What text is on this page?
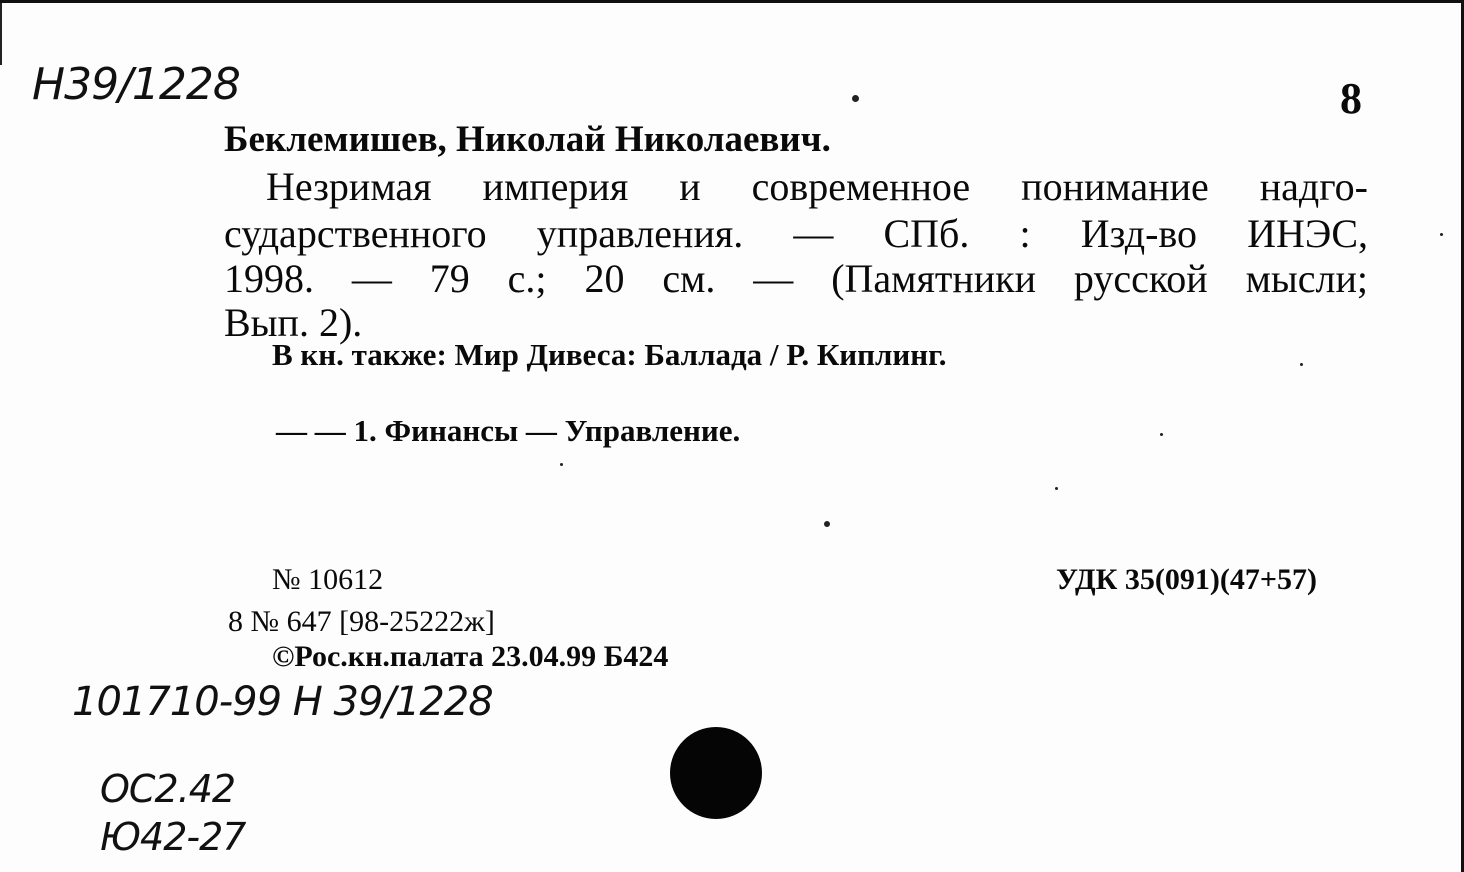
Н39/1228	8
Беклемишев, Николай Николаевич.
Незримая империя и современное понимание надго-
сударственного управления. — СПб. : Изд-во ИНЭС,
1998. — 79 с.; 20 см. — (Памятники русской мысли;
Вып. 2).
В кн. также: Мир Дивеса: Баллада / Р. Киплинг.
— — 1. Финансы — Управление.
№ 10612	УДК 35(091)(47+57)
8 № 647 [98-25222ж]
©Рос.кн.палата 23.04.99 Б424
101710-99 Н 39/1228
ОС2.42
Ю42-27
